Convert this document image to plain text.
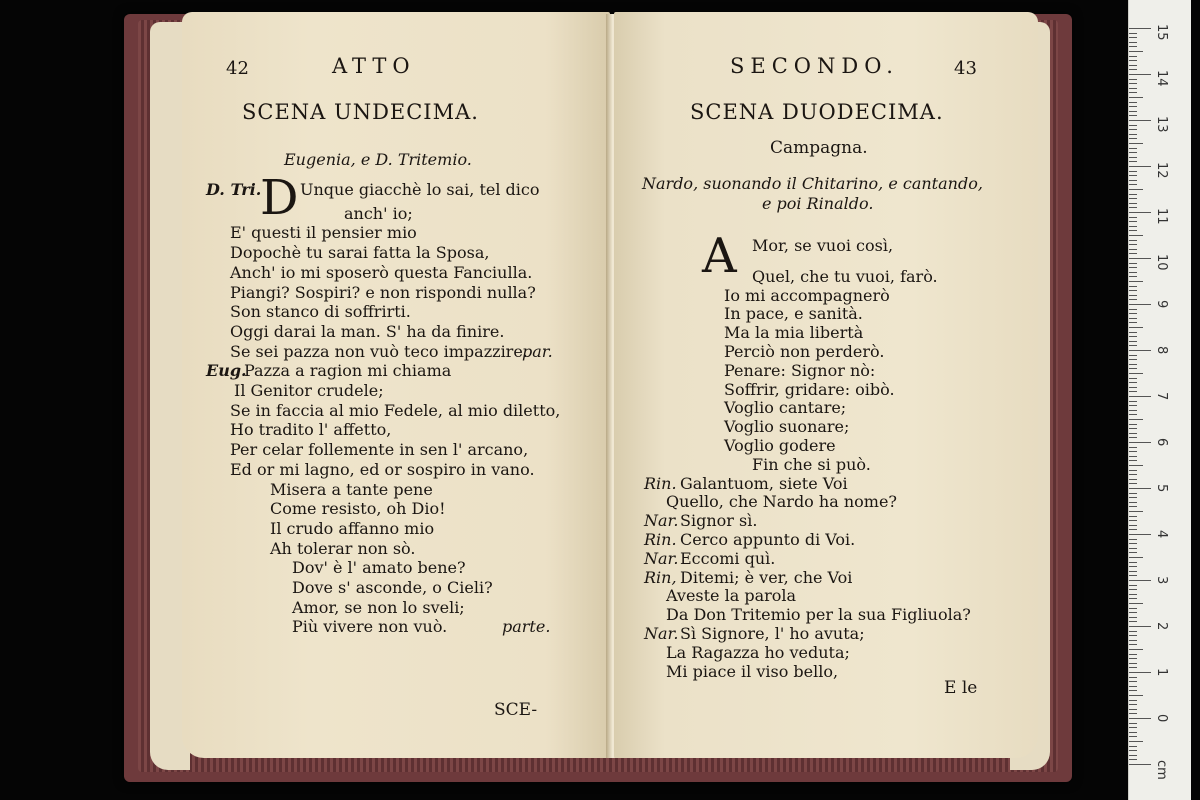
42	ATTO
SCENA UNDECIMA.
Eugenia, e D. Tritemio.
D. Tri.
D Unque giacchè lo sai, tel dico
anch' io;
E' questi il pensier mio
Dopochè tu sarai fatta la Sposa,
Anch' io mi sposerò questa Fanciulla.
Piangi? Sospiri? e non rispondi nulla?
Son stanco di soffrirti.
Oggi darai la man. S' ha da finire.
Se sei pazza non vuò teco impazzire.
par.
Eug.
Pazza a ragion mi chiama
Il Genitor crudele;
Se in faccia al mio Fedele, al mio diletto,
Ho tradito l' affetto,
Per celar follemente in sen l' arcano,
Ed or mi lagno, ed or sospiro in vano.
Misera a tante pene
Come resisto, oh Dio!
Il crudo affanno mio
Ah tolerar non sò.
Dov' è l' amato bene?
Dove s' asconde, o Cieli?
Amor, se non lo sveli;
Più vivere non vuò.	parte.
SCE-
SECONDO.	43
SCENA DUODECIMA.
Campagna.
Nardo, suonando il Chitarino, e cantando,
e poi Rinaldo.
A Mor, se vuoi così,
Quel, che tu vuoi, farò.
Io mi accompagnerò
In pace, e sanità.
Ma la mia libertà
Perciò non perderò.
Penare: Signor nò:
Soffrir, gridare: oibò.
Voglio cantare;
Voglio suonare;
Voglio godere
Fin che si può.
Rin. Galantuom, siete Voi
Quello, che Nardo ha nome?
Nar. Signor sì.
Rin. Cerco appunto di Voi.
Nar. Eccomi quì.
Rin, Ditemi; è ver, che Voi
Aveste la parola
Da Don Tritemio per la sua Figliuola?
Nar. Sì Signore, l' ho avuta;
La Ragazza ho veduta;
Mi piace il viso bello,
E le
15
14
13
12
11
10
9
8
7
6
5
4
3
2
1
0
cm
